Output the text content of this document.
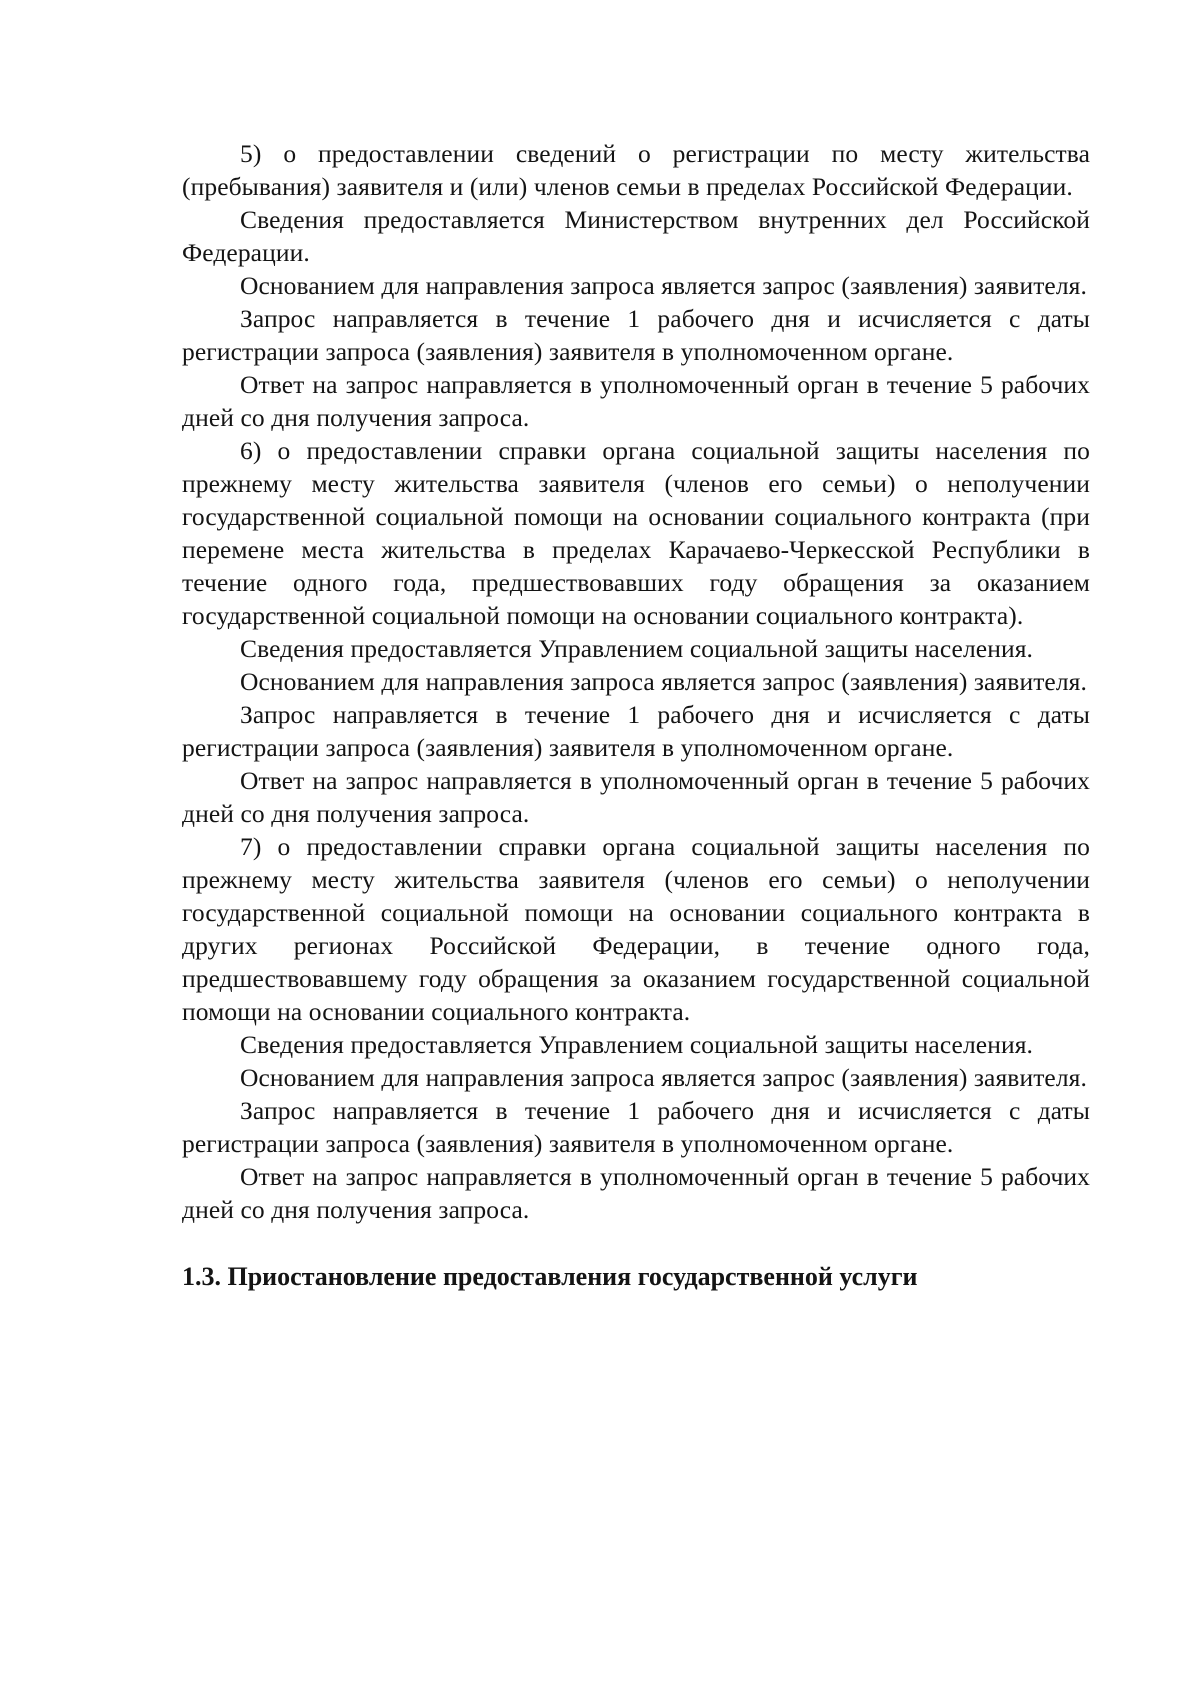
5) о предоставлении сведений о регистрации по месту жительства (пребывания) заявителя и (или) членов семьи в пределах Российской Федерации.

Сведения предоставляется Министерством внутренних дел Российской Федерации.

Основанием для направления запроса является запрос (заявления) заявителя.

Запрос направляется в течение 1 рабочего дня и исчисляется с даты регистрации запроса (заявления) заявителя в уполномоченном органе.

Ответ на запрос направляется в уполномоченный орган в течение 5 рабочих дней со дня получения запроса.

6) о предоставлении справки органа социальной защиты населения по прежнему месту жительства заявителя (членов его семьи) о неполучении государственной социальной помощи на основании социального контракта (при перемене места жительства в пределах Карачаево-Черкесской Республики в течение одного года, предшествовавших году обращения за оказанием государственной социальной помощи на основании социального контракта).

Сведения предоставляется Управлением социальной защиты населения.

Основанием для направления запроса является запрос (заявления) заявителя.

Запрос направляется в течение 1 рабочего дня и исчисляется с даты регистрации запроса (заявления) заявителя в уполномоченном органе.

Ответ на запрос направляется в уполномоченный орган в течение 5 рабочих дней со дня получения запроса.

7) о предоставлении справки органа социальной защиты населения по прежнему месту жительства заявителя (членов его семьи) о неполучении государственной социальной помощи на основании социального контракта в других регионах Российской Федерации, в течение одного года, предшествовавшему году обращения за оказанием государственной социальной помощи на основании социального контракта.

Сведения предоставляется Управлением социальной защиты населения.

Основанием для направления запроса является запрос (заявления) заявителя.

Запрос направляется в течение 1 рабочего дня и исчисляется с даты регистрации запроса (заявления) заявителя в уполномоченном органе.

Ответ на запрос направляется в уполномоченный орган в течение 5 рабочих дней со дня получения запроса.

1.3. Приостановление предоставления государственной услуги
